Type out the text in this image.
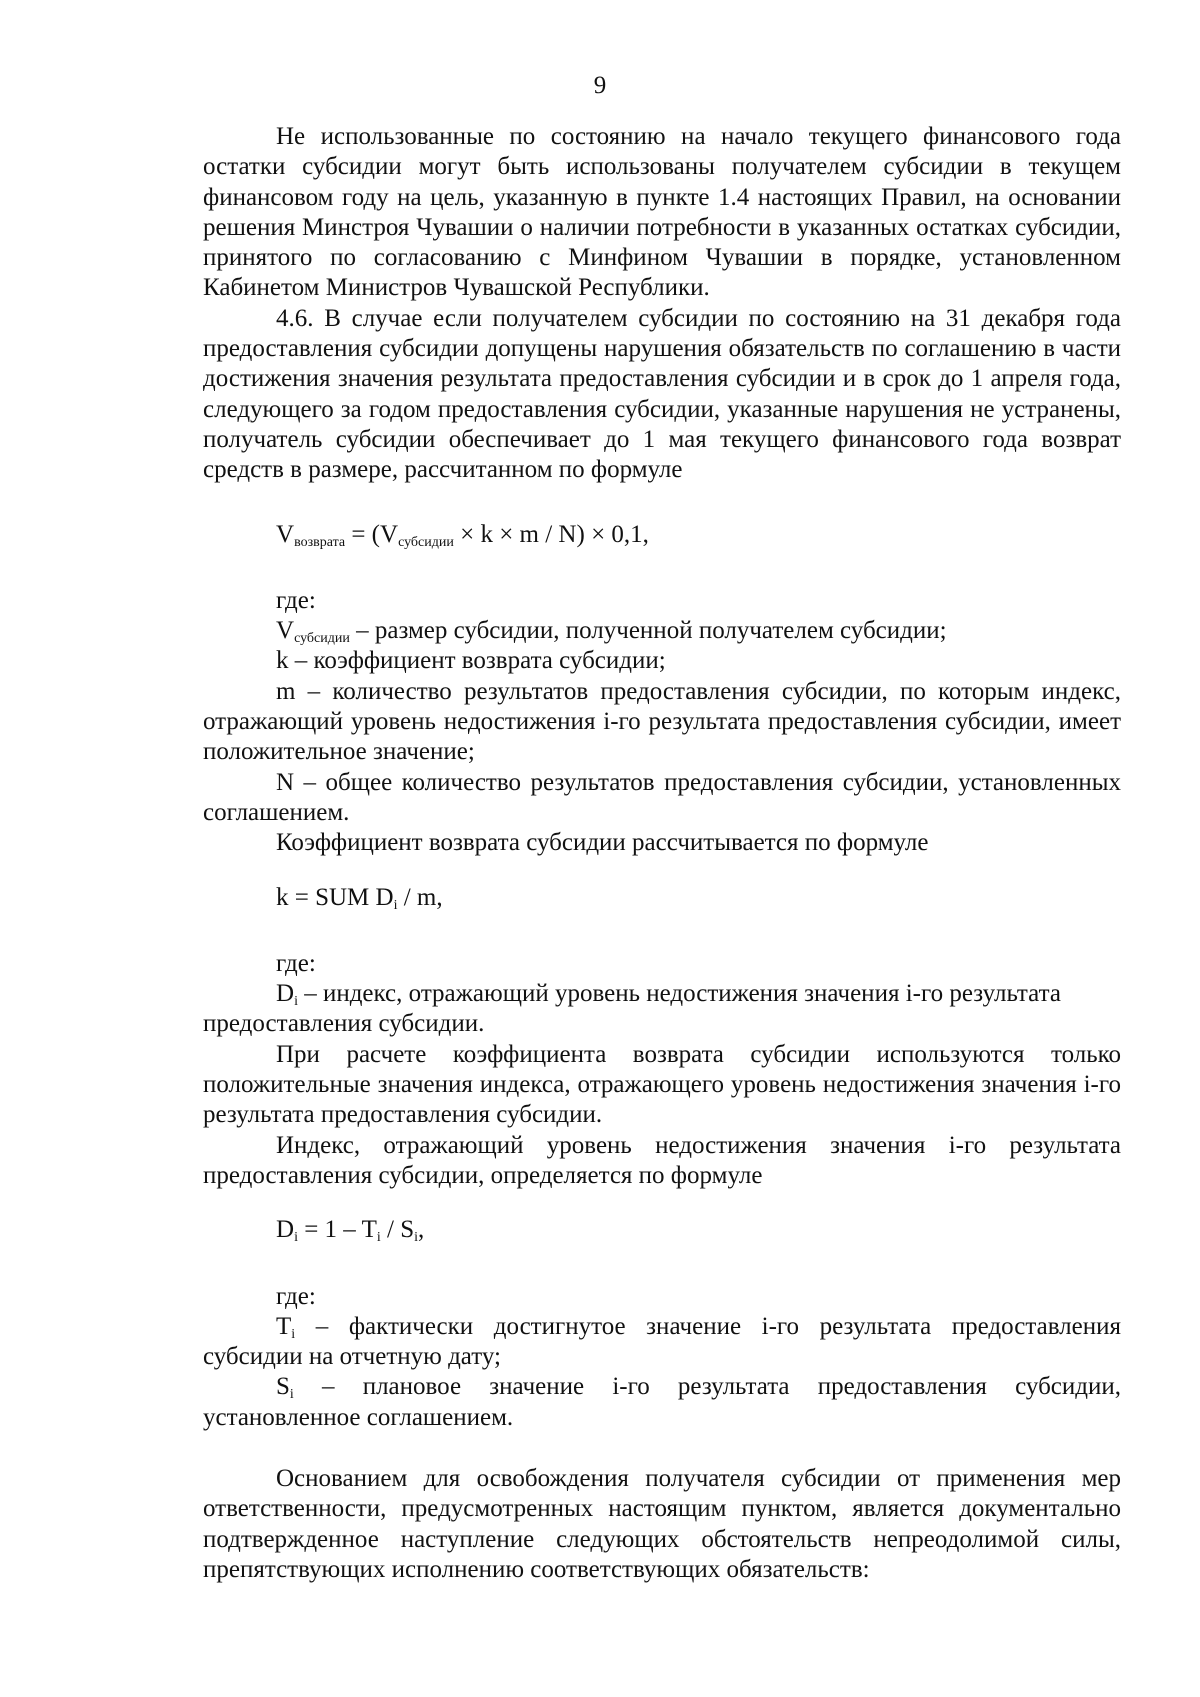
9

Не использованные по состоянию на начало текущего финансового года остатки субсидии могут быть использованы получателем субсидии в текущем финансовом году на цель, указанную в пункте 1.4 настоящих Правил, на основании решения Минстроя Чувашии о наличии потребности в указанных остатках субсидии, принятого по согласованию с Минфином Чувашии в порядке, установленном Кабинетом Министров Чувашской Республики.

4.6. В случае если получателем субсидии по состоянию на 31 декабря года предоставления субсидии допущены нарушения обязательств по соглашению в части достижения значения результата предоставления субсидии и в срок до 1 апреля года, следующего за годом предоставления субсидии, указанные нарушения не устранены, получатель субсидии обеспечивает до 1 мая текущего финансового года возврат средств в размере, рассчитанном по формуле

$V_{возврата} = (V_{субсидии} \times k \times m / N) \times 0,1$,

где:

$V_{субсидии}$ – размер субсидии, полученной получателем субсидии;

k – коэффициент возврата субсидии;

m – количество результатов предоставления субсидии, по которым индекс, отражающий уровень недостижения i-го результата предоставления субсидии, имеет положительное значение;

N – общее количество результатов предоставления субсидии, установленных соглашением.

Коэффициент возврата субсидии рассчитывается по формуле

k = SUM $D_i$ / m,

где:

$D_i$ – индекс, отражающий уровень недостижения значения i-го результата

предоставления субсидии.

При расчете коэффициента возврата субсидии используются только положительные значения индекса, отражающего уровень недостижения значения i-го результата предоставления субсидии.

Индекс, отражающий уровень недостижения значения i-го результата предоставления субсидии, определяется по формуле

$D_i = 1 - T_i / S_i$,

где:

$T_i$ – фактически достигнутое значение i-го результата предоставления субсидии на отчетную дату;

$S_i$ – плановое значение i-го результата предоставления субсидии, установленное соглашением.

Основанием для освобождения получателя субсидии от применения мер ответственности, предусмотренных настоящим пунктом, является документально подтвержденное наступление следующих обстоятельств непреодолимой силы, препятствующих исполнению соответствующих обязательств:
